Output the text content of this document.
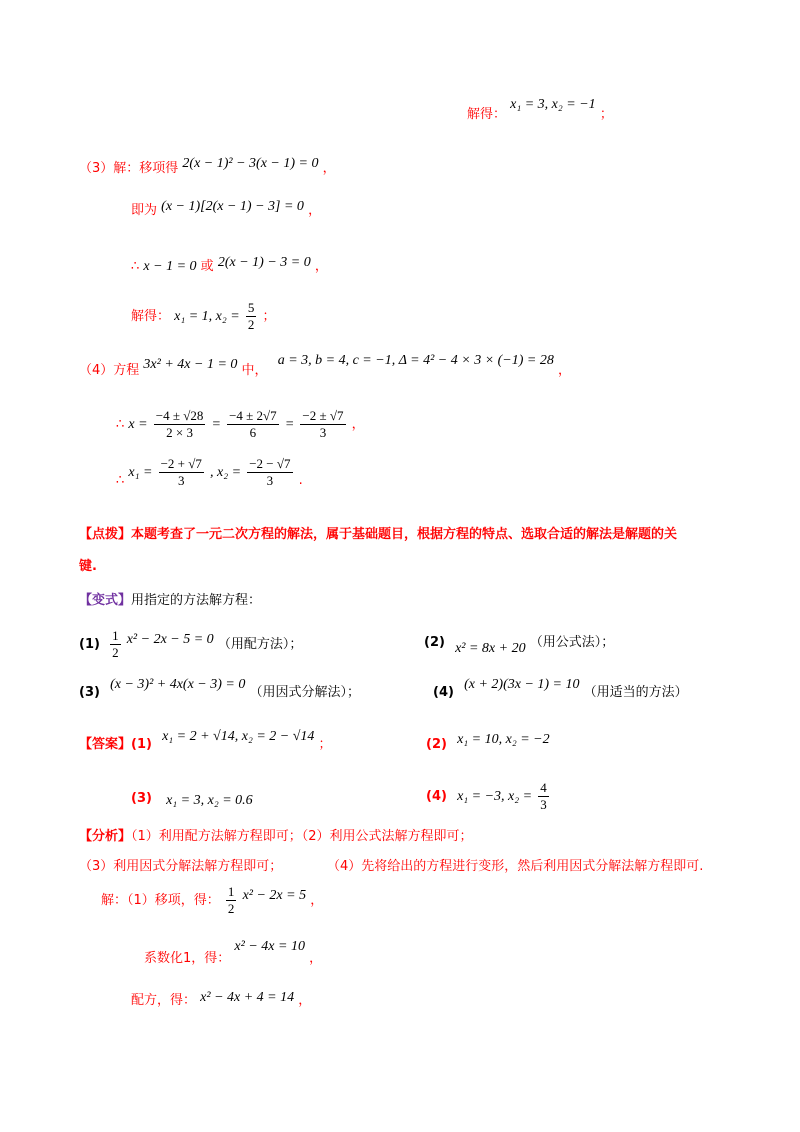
解得： x₁ = 3, x₂ = −1 ；
（3）解：移项得 2(x − 1)² − 3(x − 1) = 0 ，
即为 (x − 1)[2(x − 1) − 3] = 0 ，
∴ x − 1 = 0 或 2(x − 1) − 3 = 0 ，
解得： x₁ = 1, $x_2 = \frac{5}{2}$ ；
（4）方程 3x² + 4x − 1 = 0 中， a = 3, b = 4, c = −1, Δ = 4² − 4 × 3 × (−1) = 28 ，
∴ $x = \frac{-4 \pm √28}{2 \times 3} = \frac{-4 \pm 2√7}{6} = \frac{-2 \pm √7}{3}$ ，
∴ $x_1 = \frac{-2 + √7}{3}$ , $x_2 = \frac{-2 - √7}{3}$ .
【点拨】本题考查了一元二次方程的解法，属于基础题目，根据方程的特点、选取合适的解法是解题的关
键.
【变式】用指定的方法解方程：
$(1) \frac{1}{2} x^2 - 2x - 5 = 0$ （用配方法）；	(2) x² = 8x + 20 （用公式法）；
(3) (x − 3)² + 4x(x − 3) = 0 （用因式分解法）；	(4) (x + 2)(3x − 1) = 10 （用适当的方法）
【答案】(1) x₁ = 2 + √14, x₂ = 2 − √14 ；	(2) x₁ = 10, x₂ = −2
(3) x₁ = 3, x₂ = 0.6	(4) x₁ = −3, $x_2 = \frac{4}{3}$
【分析】（1）利用配方法解方程即可；（2）利用公式法解方程即可；
（3）利用因式分解法解方程即可；	（4）先将给出的方程进行变形，然后利用因式分解法解方程即可.
解：（1）移项，得： $\frac{1}{2} x^2 - 2x = 5$ ，
系数化1，得： x² − 4x = 10 ，
配方，得： x² − 4x + 4 = 14 ，
